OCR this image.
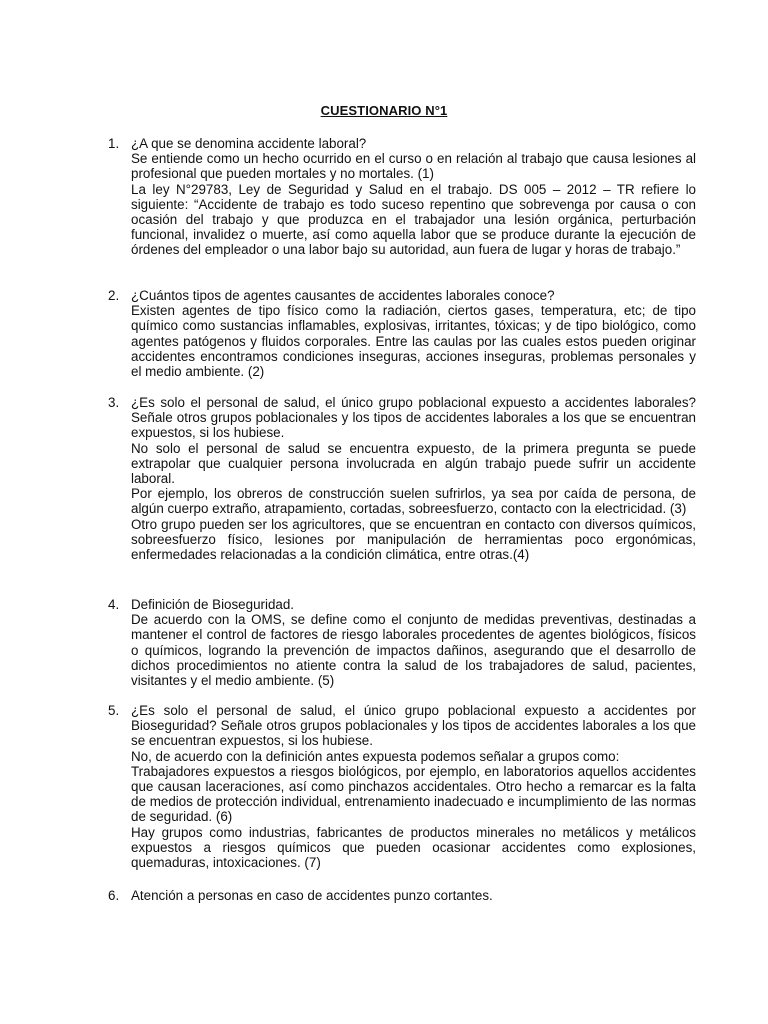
CUESTIONARIO N°1
1. ¿A que se denomina accidente laboral?
Se entiende como un hecho ocurrido en el curso o en relación al trabajo que causa lesiones al profesional que pueden mortales y no mortales. (1)
La ley N°29783, Ley de Seguridad y Salud en el trabajo. DS 005 – 2012 – TR refiere lo siguiente: “Accidente de trabajo es todo suceso repentino que sobrevenga por causa o con ocasión del trabajo y que produzca en el trabajador una lesión orgánica, perturbación funcional, invalidez o muerte, así como aquella labor que se produce durante la ejecución de órdenes del empleador o una labor bajo su autoridad, aun fuera de lugar y horas de trabajo.”
2. ¿Cuántos tipos de agentes causantes de accidentes laborales conoce?
Existen agentes de tipo físico como la radiación, ciertos gases, temperatura, etc; de tipo químico como sustancias inflamables, explosivas, irritantes, tóxicas; y de tipo biológico, como agentes patógenos y fluidos corporales. Entre las caulas por las cuales estos pueden originar accidentes encontramos condiciones inseguras, acciones inseguras, problemas personales y el medio ambiente. (2)
3. ¿Es solo el personal de salud, el único grupo poblacional expuesto a accidentes laborales? Señale otros grupos poblacionales y los tipos de accidentes laborales a los que se encuentran expuestos, si los hubiese.
No solo el personal de salud se encuentra expuesto, de la primera pregunta se puede extrapolar que cualquier persona involucrada en algún trabajo puede sufrir un accidente laboral.
Por ejemplo, los obreros de construcción suelen sufrirlos, ya sea por caída de persona, de algún cuerpo extraño, atrapamiento, cortadas, sobreesfuerzo, contacto con la electricidad. (3)
Otro grupo pueden ser los agricultores, que se encuentran en contacto con diversos químicos, sobreesfuerzo físico, lesiones por manipulación de herramientas poco ergonómicas, enfermedades relacionadas a la condición climática, entre otras.(4)
4. Definición de Bioseguridad.
De acuerdo con la OMS, se define como el conjunto de medidas preventivas, destinadas a mantener el control de factores de riesgo laborales procedentes de agentes biológicos, físicos o químicos, logrando la prevención de impactos dañinos, asegurando que el desarrollo de dichos procedimientos no atiente contra la salud de los trabajadores de salud, pacientes, visitantes y el medio ambiente. (5)
5. ¿Es solo el personal de salud, el único grupo poblacional expuesto a accidentes por Bioseguridad? Señale otros grupos poblacionales y los tipos de accidentes laborales a los que se encuentran expuestos, si los hubiese.
No, de acuerdo con la definición antes expuesta podemos señalar a grupos como:
Trabajadores expuestos a riesgos biológicos, por ejemplo, en laboratorios aquellos accidentes que causan laceraciones, así como pinchazos accidentales. Otro hecho a remarcar es la falta de medios de protección individual, entrenamiento inadecuado e incumplimiento de las normas de seguridad. (6)
Hay grupos como industrias, fabricantes de productos minerales no metálicos y metálicos expuestos a riesgos químicos que pueden ocasionar accidentes como explosiones, quemaduras, intoxicaciones. (7)
6. Atención a personas en caso de accidentes punzo cortantes.
